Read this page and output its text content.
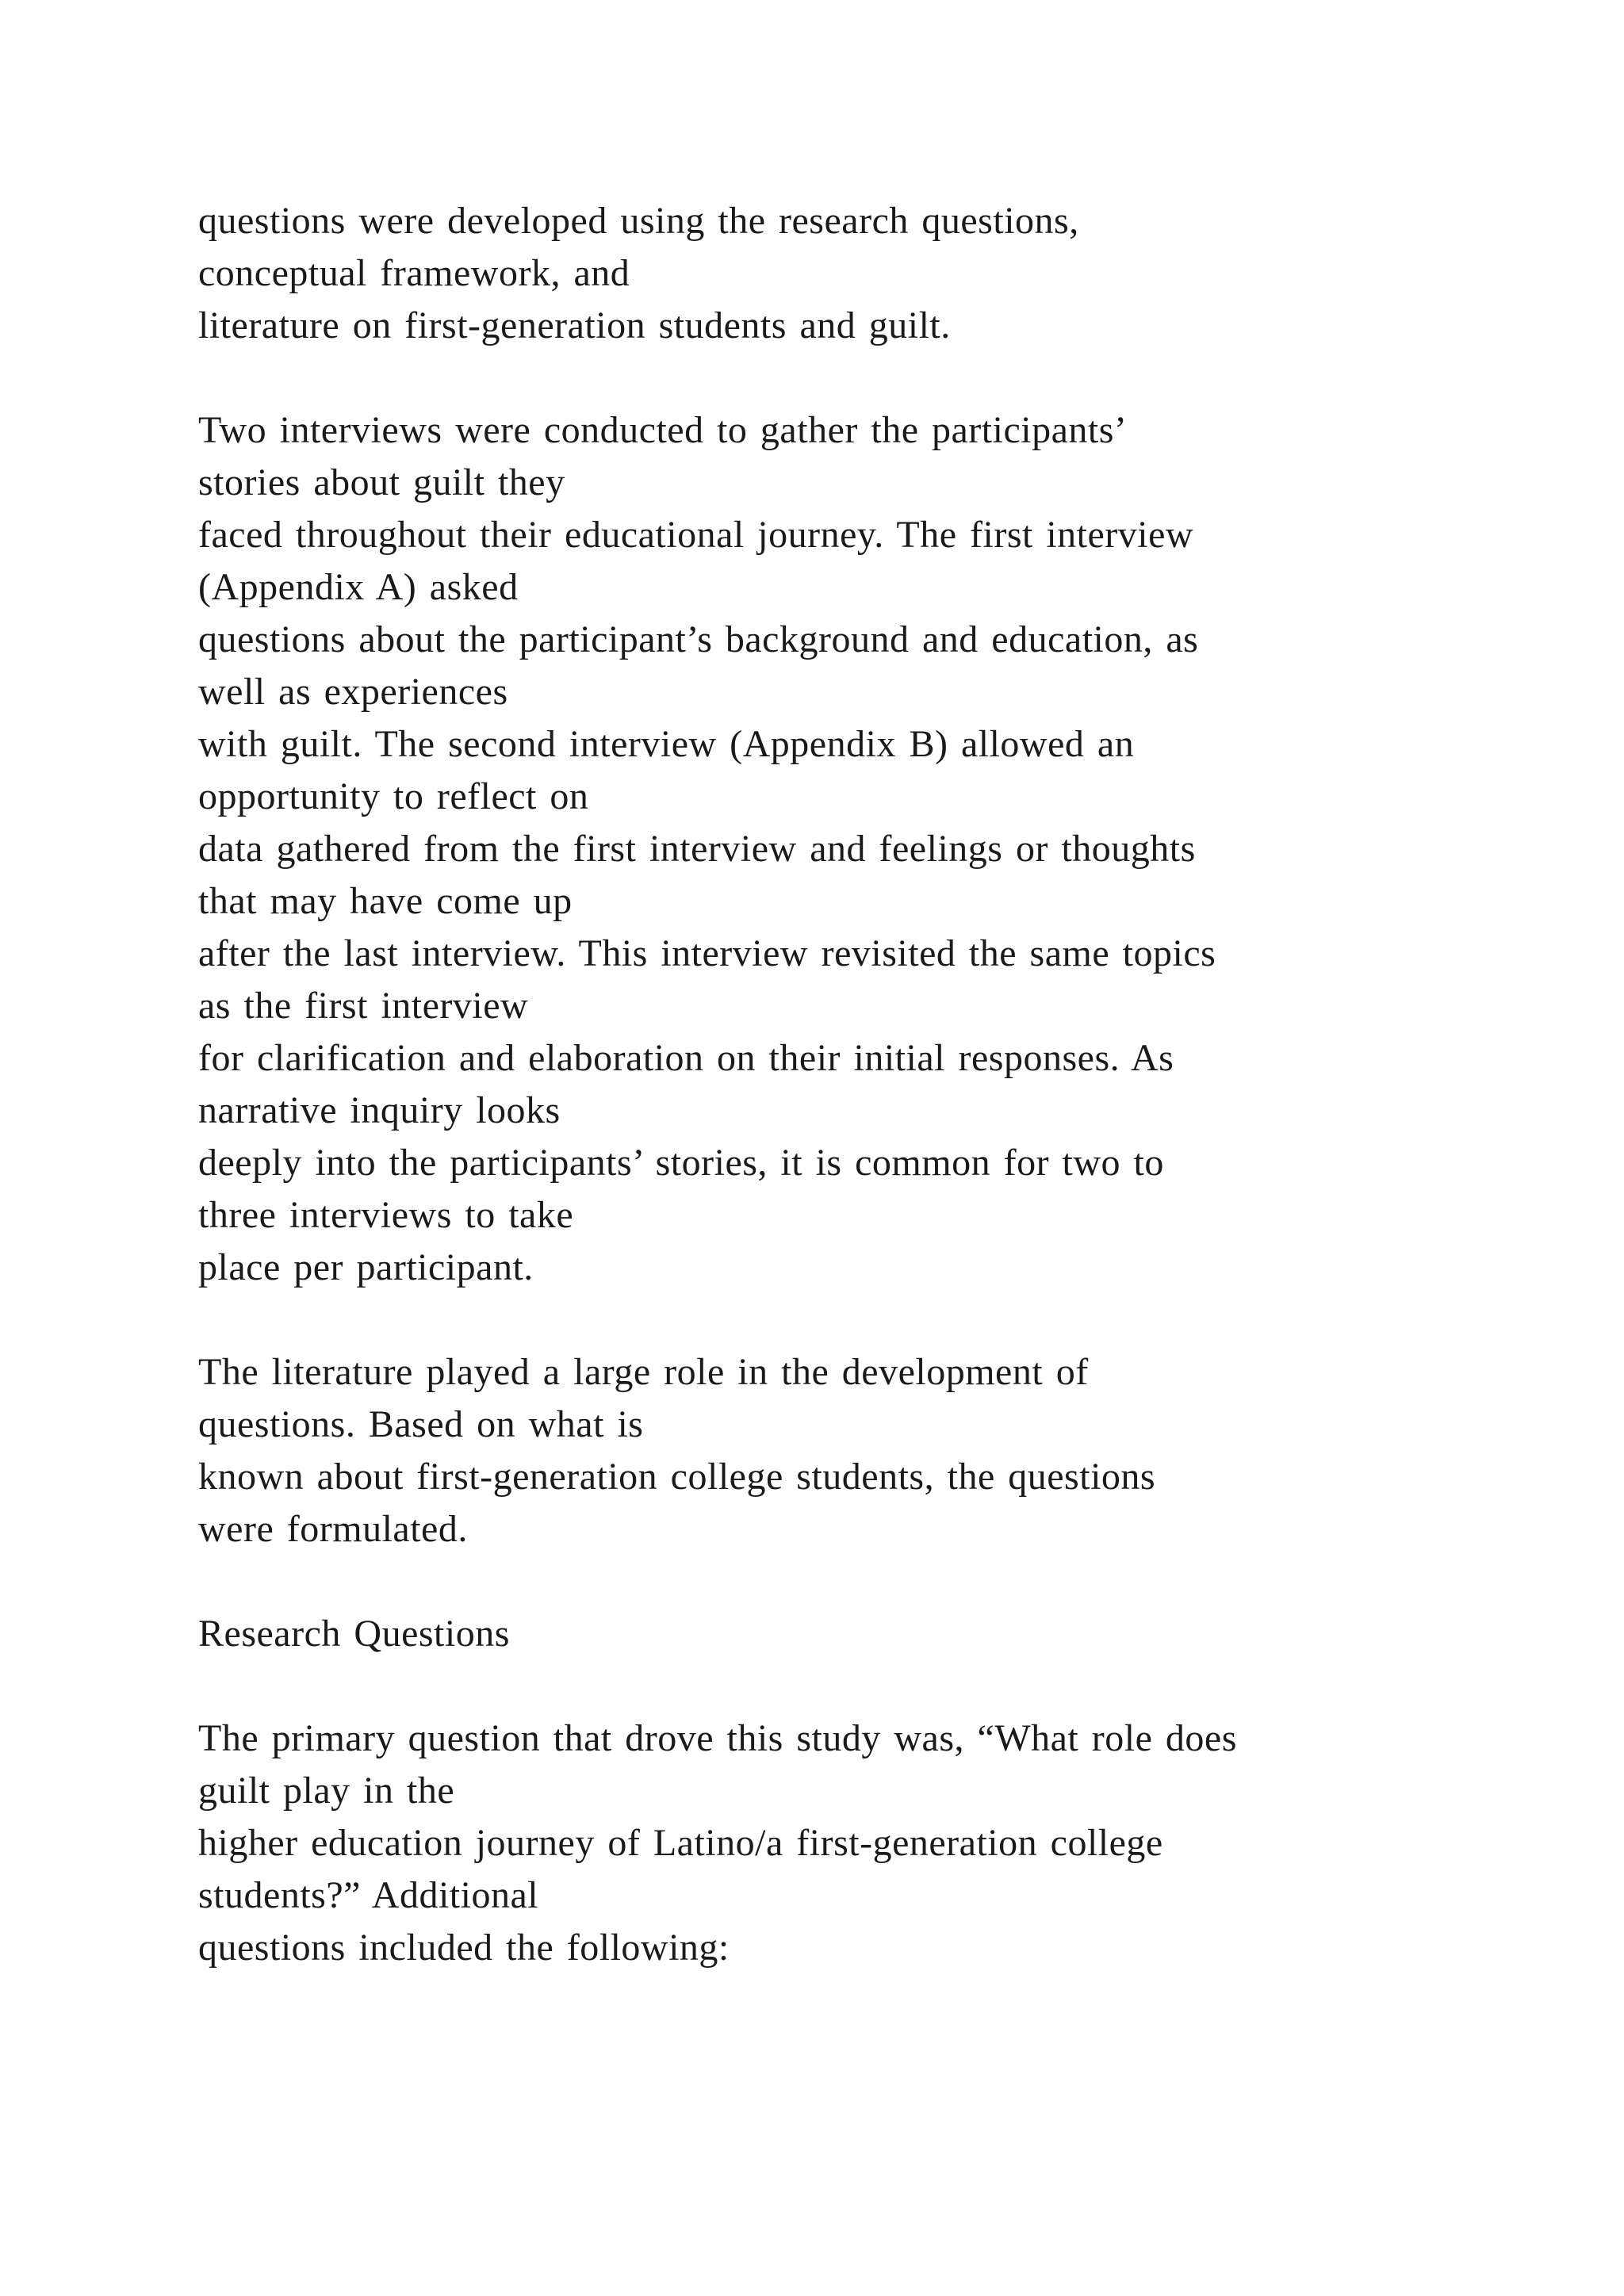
questions were developed using the research questions,
conceptual framework, and
literature on first-generation students and guilt.
Two interviews were conducted to gather the participants’
stories about guilt they
faced throughout their educational journey. The first interview
(Appendix A) asked
questions about the participant’s background and education, as
well as experiences
with guilt. The second interview (Appendix B) allowed an
opportunity to reflect on
data gathered from the first interview and feelings or thoughts
that may have come up
after the last interview. This interview revisited the same topics
as the first interview
for clarification and elaboration on their initial responses. As
narrative inquiry looks
deeply into the participants’ stories, it is common for two to
three interviews to take
place per participant.
The literature played a large role in the development of
questions. Based on what is
known about first-generation college students, the questions
were formulated.
Research Questions
The primary question that drove this study was, “What role does
guilt play in the
higher education journey of Latino/a first-generation college
students?” Additional
questions included the following:
